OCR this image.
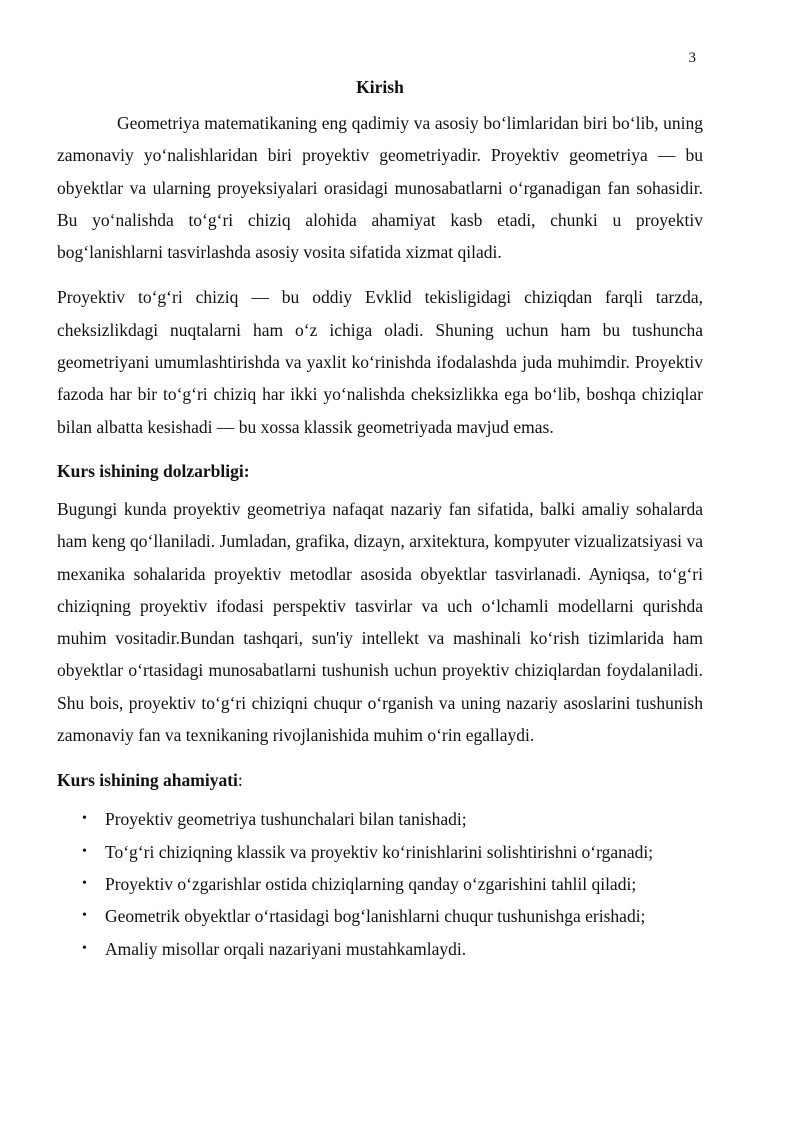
3
Kirish

Geometriya matematikaning eng qadimiy va asosiy bo‘limlaridan biri bo‘lib, uning zamonaviy yo‘nalishlaridan biri proyektiv geometriyadir. Proyektiv geometriya — bu obyektlar va ularning proyeksiyalari orasidagi munosabatlarni o‘rganadigan fan sohasidir. Bu yo‘nalishda to‘g‘ri chiziq alohida ahamiyat kasb etadi, chunki u proyektiv bog‘lanishlarni tasvirlashda asosiy vosita sifatida xizmat qiladi.

Proyektiv to‘g‘ri chiziq — bu oddiy Evklid tekisligidagi chiziqdan farqli tarzda, cheksizlikdagi nuqtalarni ham o‘z ichiga oladi. Shuning uchun ham bu tushuncha geometriyani umumlashtirishda va yaxlit ko‘rinishda ifodalashda juda muhimdir. Proyektiv fazoda har bir to‘g‘ri chiziq har ikki yo‘nalishda cheksizlikka ega bo‘lib, boshqa chiziqlar bilan albatta kesishadi — bu xossa klassik geometriyada mavjud emas.

Kurs ishining dolzarbligi:

Bugungi kunda proyektiv geometriya nafaqat nazariy fan sifatida, balki amaliy sohalarda ham keng qo‘llaniladi. Jumladan, grafika, dizayn, arxitektura, kompyuter vizualizatsiyasi va mexanika sohalarida proyektiv metodlar asosida obyektlar tasvirlanadi. Ayniqsa, to‘g‘ri chiziqning proyektiv ifodasi perspektiv tasvirlar va uch o‘lchamli modellarni qurishda muhim vositadir.Bundan tashqari, sun'iy intellekt va mashinali ko‘rish tizimlarida ham obyektlar o‘rtasidagi munosabatlarni tushunish uchun proyektiv chiziqlardan foydalaniladi. Shu bois, proyektiv to‘g‘ri chiziqni chuqur o‘rganish va uning nazariy asoslarini tushunish zamonaviy fan va texnikaning rivojlanishida muhim o‘rin egallaydi.

Kurs ishining ahamiyati:
• Proyektiv geometriya tushunchalari bilan tanishadi;
• To‘g‘ri chiziqning klassik va proyektiv ko‘rinishlarini solishtirishni o‘rganadi;
• Proyektiv o‘zgarishlar ostida chiziqlarning qanday o‘zgarishini tahlil qiladi;
• Geometrik obyektlar o‘rtasidagi bog‘lanishlarni chuqur tushunishga erishadi;
• Amaliy misollar orqali nazariyani mustahkamlaydi.
